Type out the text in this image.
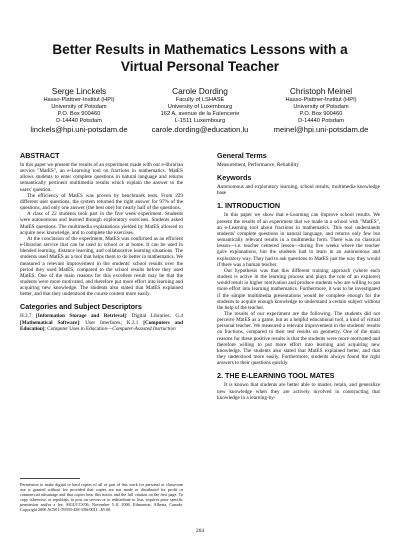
Better Results in Mathematics Lessons with a Virtual Personal Teacher
Serge Linckels
Hasso-Plattner-Institut (HPI)
University of Potsdam
P.O. Box 900460
D-14440 Potsdam
linckels@hpi.uni-potsdam.de
Carole Dording
Faculty of LSHASE
University of Luxembourg
162 A, avenue de la Faïencerie
L-1511 Luxembourg
carole.dording@education.lu
Christoph Meinel
Hasso-Plattner-Institut (HPI)
University of Potsdam
P.O. Box 900460
D-14440 Potsdam
meinel@hpi.uni-potsdam.de
ABSTRACT

In this paper we present the results of an experiment made with our e-librarian service "MatES", an e-Learning tool on fractions in mathematics. MatES allows students to enter complete questions in natural language and returns semantically pertinent multimedia results which explain the answer to the users' question.

The efficiency of MatES was proven by benchmark tests. From 229 different user questions, the system returned the right answer for 97% of the questions, and only one answer (the best one) for nearly half of the questions.

A class of 22 students took part in the five week experiment. Students were autonomous and learned through exploratory exercises. Students asked MatES questions. The multimedia explanations yielded by MatES allowed to acquire new knowledge, and to complete the exercises.

At the conclusion of the experiment, MatES was confirmed as an efficient e-librarian service that can be used in school or at home. It can be used in blended learning, distance learning, and collaborative learning situations. The students used MatES as a tool that helps them to do better in mathematics. We measured a relevant improvement in the students' school results over the period they used MatES, compared to the school results before they used MatES. One of the main reasons for this excellent result may be that the students were more motivated, and therefore put more effort into learning and acquiring new knowledge. The students also stated that MatES explained better, and that they understood the course content more easily.

Categories and Subject Descriptors

H.3.7 [Information Storage and Retrieval]: Digital Libraries; G.4 [Mathematical Software]: User Interfaces; K.3.1 [Computers and Education]: Computer Uses in Education—Computer-Assisted Instruction

Permission to make digital or hard copies of all or part of this work for personal or classroom use is granted without fee provided that copies are not made or distributed for profit or commercial advantage and that copies bear this notice and the full citation on the first page. To copy otherwise, or republish, to post on servers or to redistribute to lists, requires prior specific permission and/or a fee. SIGUCCS'06, November 5–8, 2006, Edmonton, Alberta, Canada. Copyright 2006 ACM 1-59593-438-3/06/0011...$5.00.
General Terms

Measurement, Performance, Reliability

Keywords

Autonomous and exploratory learning, school results, multimedia knowledge base

1. INTRODUCTION

In this paper we show that e-Learning can improve school results. We present the results of an experiment that we made in a school with "MatES", an e-Learning tool about fractions in mathematics. This tool understands students' complete questions in natural language, and returns only few but semantically relevant results in a multimedia form. There was no classical lesson—i.e. teacher centered lesson—during five weeks where the teacher gave explanations, but the students had to learn in an autonomous and exploratory way. They had to ask questions to MatES just the way they would if there was a human teacher.

Our hypothesis was that this different training approach (where each student is active in the learning process and plays the role of an explorer) would result in higher motivation and produce students who are willing to put more effort into learning mathematics. Furthermore, it was to be investigated if the simple multimedia presentations would be complete enough for the students to acquire enough knowledge to understand a certain subject without the help of the teacher.

The results of our experiment are the following. The students did not perceive MatES as a game, but as a helpful educational tool, a kind of virtual personal teacher. We measured a relevant improvement in the students' results on fractions, compared to their test results on geometry. One of the main reasons for these positive results is that the students were more motivated and therefore willing to put more effort into learning and acquiring new knowledge. The students also stated that MatES explained better, and that they understood more easily. Furthermore, students always found the right answers to their questions quickly.

2. THE E-LEARNING TOOL MATES

It is known that students are better able to master, retain, and generalize new knowledge when they are actively involved in constructing that knowledge in a learning-by-

264
